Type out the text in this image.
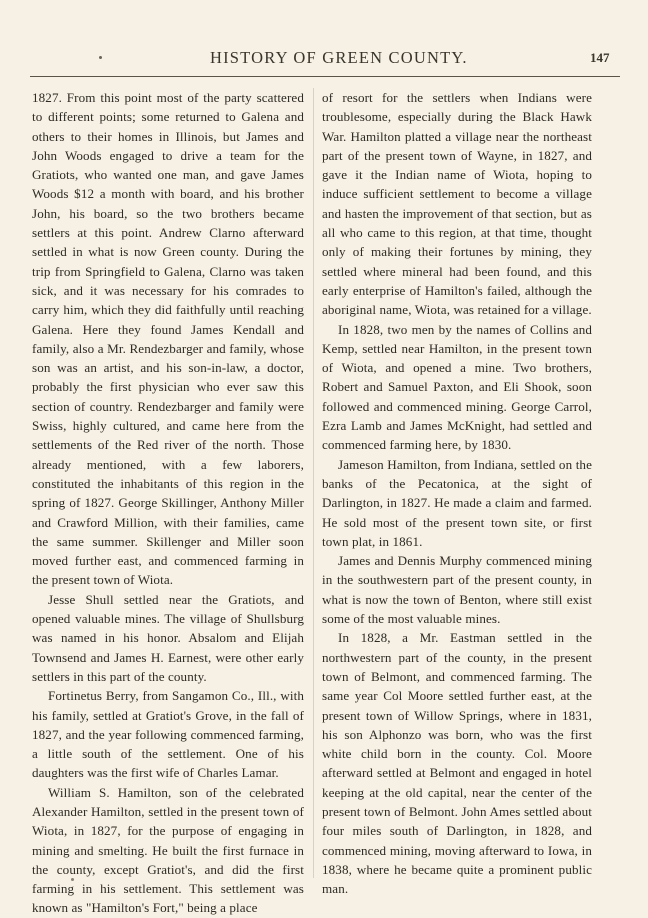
HISTORY OF GREEN COUNTY.	147

1827. From this point most of the party scattered to different points; some returned to Galena and others to their homes in Illinois, but James and John Woods engaged to drive a team for the Gratiots, who wanted one man, and gave James Woods $12 a month with board, and his brother John, his board, so the two brothers became settlers at this point. Andrew Clarno afterward settled in what is now Green county. During the trip from Springfield to Galena, Clarno was taken sick, and it was necessary for his comrades to carry him, which they did faithfully until reaching Galena. Here they found James Kendall and family, also a Mr. Rendezbarger and family, whose son was an artist, and his son-in-law, a doctor, probably the first physician who ever saw this section of country. Rendezbarger and family were Swiss, highly cultured, and came here from the settlements of the Red river of the north. Those already mentioned, with a few laborers, constituted the inhabitants of this region in the spring of 1827. George Skillinger, Anthony Miller and Crawford Million, with their families, came the same summer. Skillenger and Miller soon moved further east, and commenced farming in the present town of Wiota.

Jesse Shull settled near the Gratiots, and opened valuable mines. The village of Shullsburg was named in his honor. Absalom and Elijah Townsend and James H. Earnest, were other early settlers in this part of the county.

Fortinetus Berry, from Sangamon Co., Ill., with his family, settled at Gratiot's Grove, in the fall of 1827, and the year following commenced farming, a little south of the settlement. One of his daughters was the first wife of Charles Lamar.

William S. Hamilton, son of the celebrated Alexander Hamilton, settled in the present town of Wiota, in 1827, for the purpose of engaging in mining and smelting. He built the first furnace in the county, except Gratiot's, and did the first farming in his settlement. This settlement was known as "Hamilton's Fort," being a place

of resort for the settlers when Indians were troublesome, especially during the Black Hawk War. Hamilton platted a village near the northeast part of the present town of Wayne, in 1827, and gave it the Indian name of Wiota, hoping to induce sufficient settlement to become a village and hasten the improvement of that section, but as all who came to this region, at that time, thought only of making their fortunes by mining, they settled where mineral had been found, and this early enterprise of Hamilton's failed, although the aboriginal name, Wiota, was retained for a village.

In 1828, two men by the names of Collins and Kemp, settled near Hamilton, in the present town of Wiota, and opened a mine. Two brothers, Robert and Samuel Paxton, and Eli Shook, soon followed and commenced mining. George Carrol, Ezra Lamb and James McKnight, had settled and commenced farming here, by 1830.

Jameson Hamilton, from Indiana, settled on the banks of the Pecatonica, at the sight of Darlington, in 1827. He made a claim and farmed. He sold most of the present town site, or first town plat, in 1861.

James and Dennis Murphy commenced mining in the southwestern part of the present county, in what is now the town of Benton, where still exist some of the most valuable mines.

In 1828, a Mr. Eastman settled in the northwestern part of the county, in the present town of Belmont, and commenced farming. The same year Col Moore settled further east, at the present town of Willow Springs, where in 1831, his son Alphonzo was born, who was the first white child born in the county. Col. Moore afterward settled at Belmont and engaged in hotel keeping at the old capital, near the center of the present town of Belmont. John Ames settled about four miles south of Darlington, in 1828, and commenced mining, moving afterward to Iowa, in 1838, where he became quite a prominent public man.
